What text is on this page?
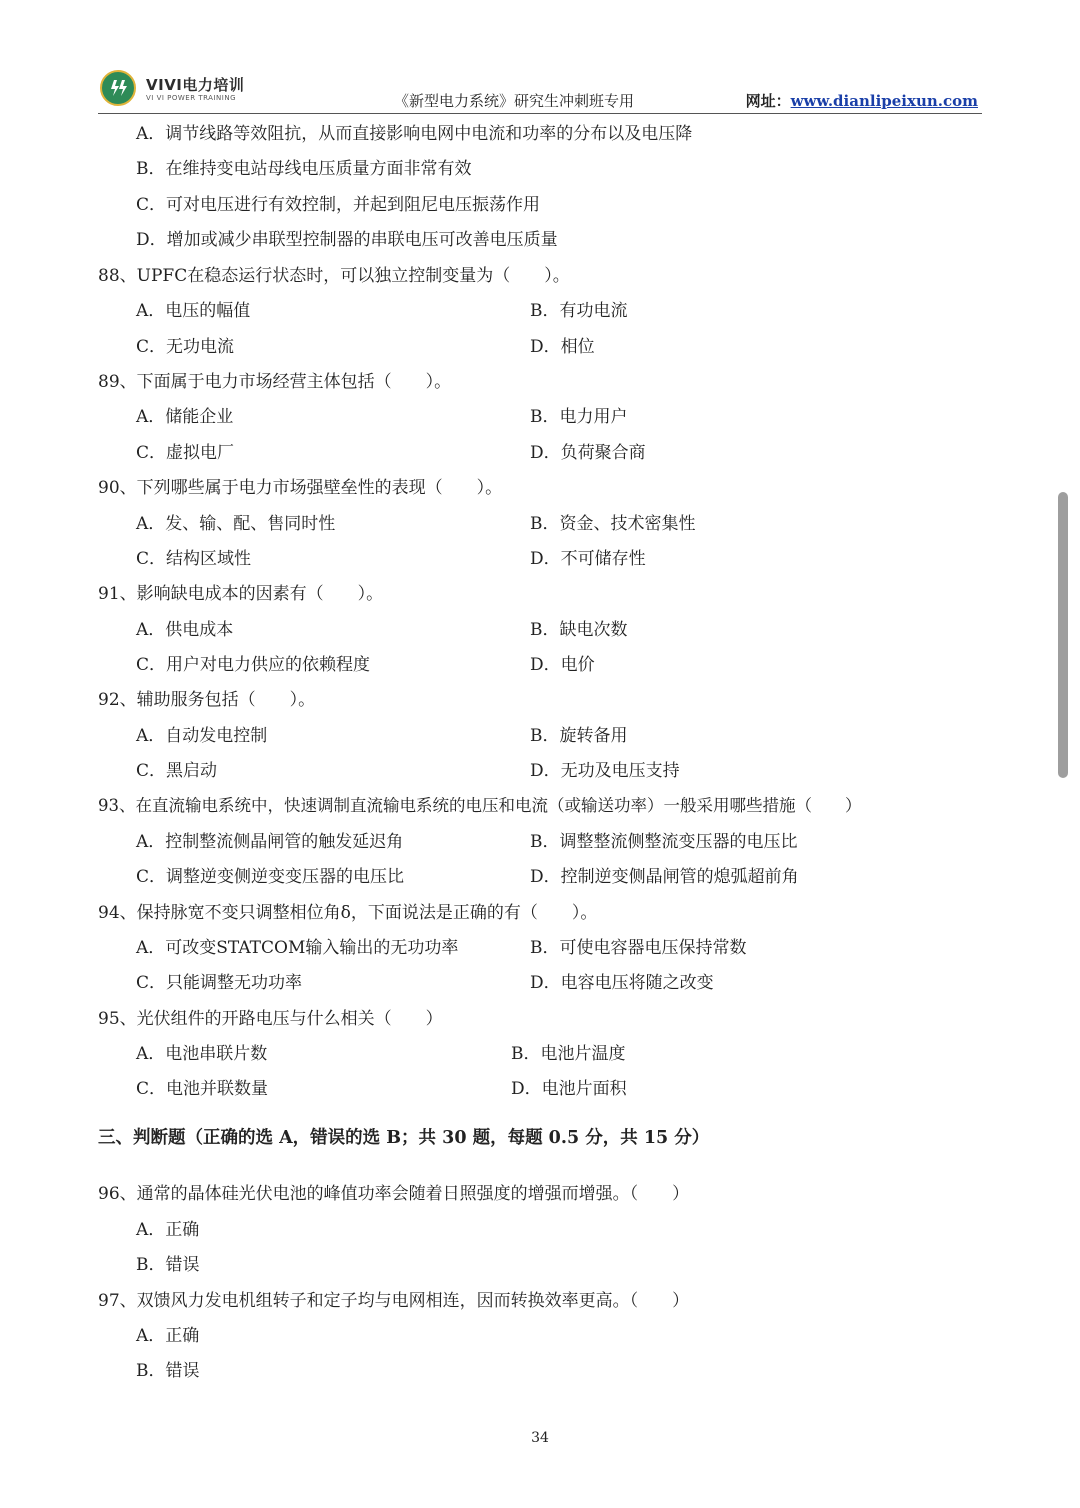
VIVI电力培训
VI VI POWER TRAINING	《新型电力系统》研究生冲刺班专用	网址：www.dianlipeixun.com
A．调节线路等效阻抗，从而直接影响电网中电流和功率的分布以及电压降
B．在维持变电站母线电压质量方面非常有效
C．可对电压进行有效控制，并起到阻尼电压振荡作用
D．增加或减少串联型控制器的串联电压可改善电压质量
88、UPFC在稳态运行状态时，可以独立控制变量为（　　）。
A．电压的幅值	B．有功电流
C．无功电流	D．相位
89、下面属于电力市场经营主体包括（　　）。
A．储能企业	B．电力用户
C．虚拟电厂	D．负荷聚合商
90、下列哪些属于电力市场强壁垒性的表现（　　）。
A．发、输、配、售同时性	B．资金、技术密集性
C．结构区域性	D．不可储存性
91、影响缺电成本的因素有（　　）。
A．供电成本	B．缺电次数
C．用户对电力供应的依赖程度	D．电价
92、辅助服务包括（　　）。
A．自动发电控制	B．旋转备用
C．黑启动	D．无功及电压支持
93、在直流输电系统中，快速调制直流输电系统的电压和电流（或输送功率）一般采用哪些措施（　　）
A．控制整流侧晶闸管的触发延迟角	B．调整整流侧整流变压器的电压比
C．调整逆变侧逆变变压器的电压比	D．控制逆变侧晶闸管的熄弧超前角
94、保持脉宽不变只调整相位角δ，下面说法是正确的有（　　）。
A．可改变STATCOM输入输出的无功功率	B．可使电容器电压保持常数
C．只能调整无功功率	D．电容电压将随之改变
95、光伏组件的开路电压与什么相关（　　）
A．电池串联片数	B．电池片温度
C．电池并联数量	D．电池片面积
三、判断题（正确的选 A，错误的选 B；共 30 题，每题 0.5 分，共 15 分）
96、通常的晶体硅光伏电池的峰值功率会随着日照强度的增强而增强。（　　）
A．正确
B．错误
97、双馈风力发电机组转子和定子均与电网相连，因而转换效率更高。（　　）
A．正确
B．错误
34
